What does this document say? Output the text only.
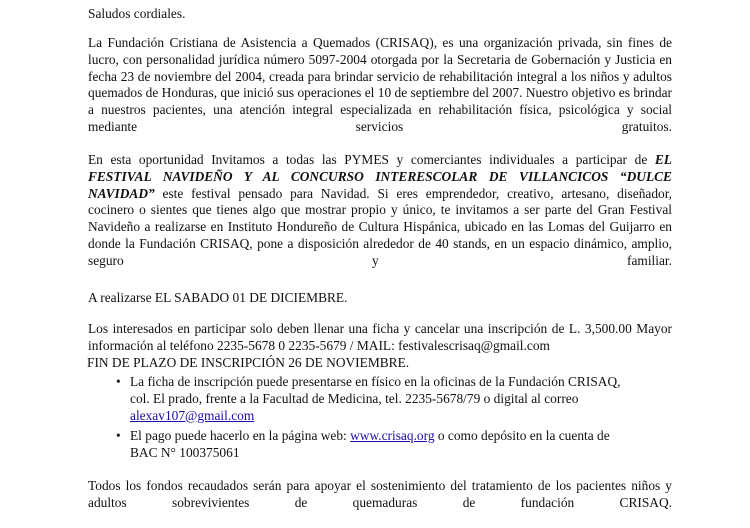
Saludos cordiales.

La Fundación Cristiana de Asistencia a Quemados (CRISAQ), es una organización privada, sin fines de lucro, con personalidad jurídica número 5097-2004 otorgada por la Secretaria de Gobernación y Justicia en fecha 23 de noviembre del 2004, creada para brindar servicio de rehabilitación integral a los niños y adultos quemados de Honduras, que inició sus operaciones el 10 de septiembre del 2007. Nuestro objetivo es brindar a nuestros pacientes, una atención integral especializada en rehabilitación física, psicológica y social mediante servicios gratuitos.

En esta oportunidad Invitamos a todas las PYMES y comerciantes individuales a participar de EL FESTIVAL NAVIDEÑO Y AL CONCURSO INTERESCOLAR DE VILLANCICOS “DULCE NAVIDAD” este festival pensado para Navidad. Si eres emprendedor, creativo, artesano, diseñador, cocinero o sientes que tienes algo que mostrar propio y único, te invitamos a ser parte del Gran Festival Navideño a realizarse en Instituto Hondureño de Cultura Hispánica, ubicado en las Lomas del Guijarro en donde la Fundación CRISAQ, pone a disposición alrededor de 40 stands, en un espacio dinámico, amplio, seguro y familiar.

A realizarse EL SABADO 01 DE DICIEMBRE.

Los interesados en participar solo deben llenar una ficha y cancelar una inscripción de L. 3,500.00 Mayor

información al teléfono 2235-5678 0 2235-5679 / MAIL: festivalescrisaq@gmail.com

FIN DE PLAZO DE INSCRIPCIÓN 26 DE NOVIEMBRE.

• La ficha de inscripción puede presentarse en físico en la oficinas de la Fundación CRISAQ,
col. El prado, frente a la Facultad de Medicina, tel. 2235-5678/79 o digital al correo
alexav107@gmail.com
• El pago puede hacerlo en la página web: www.crisaq.org o como depósito en la cuenta de
BAC N° 100375061

Todos los fondos recaudados serán para apoyar el sostenimiento del tratamiento de los pacientes niños y adultos sobrevivientes de quemaduras de fundación CRISAQ.
